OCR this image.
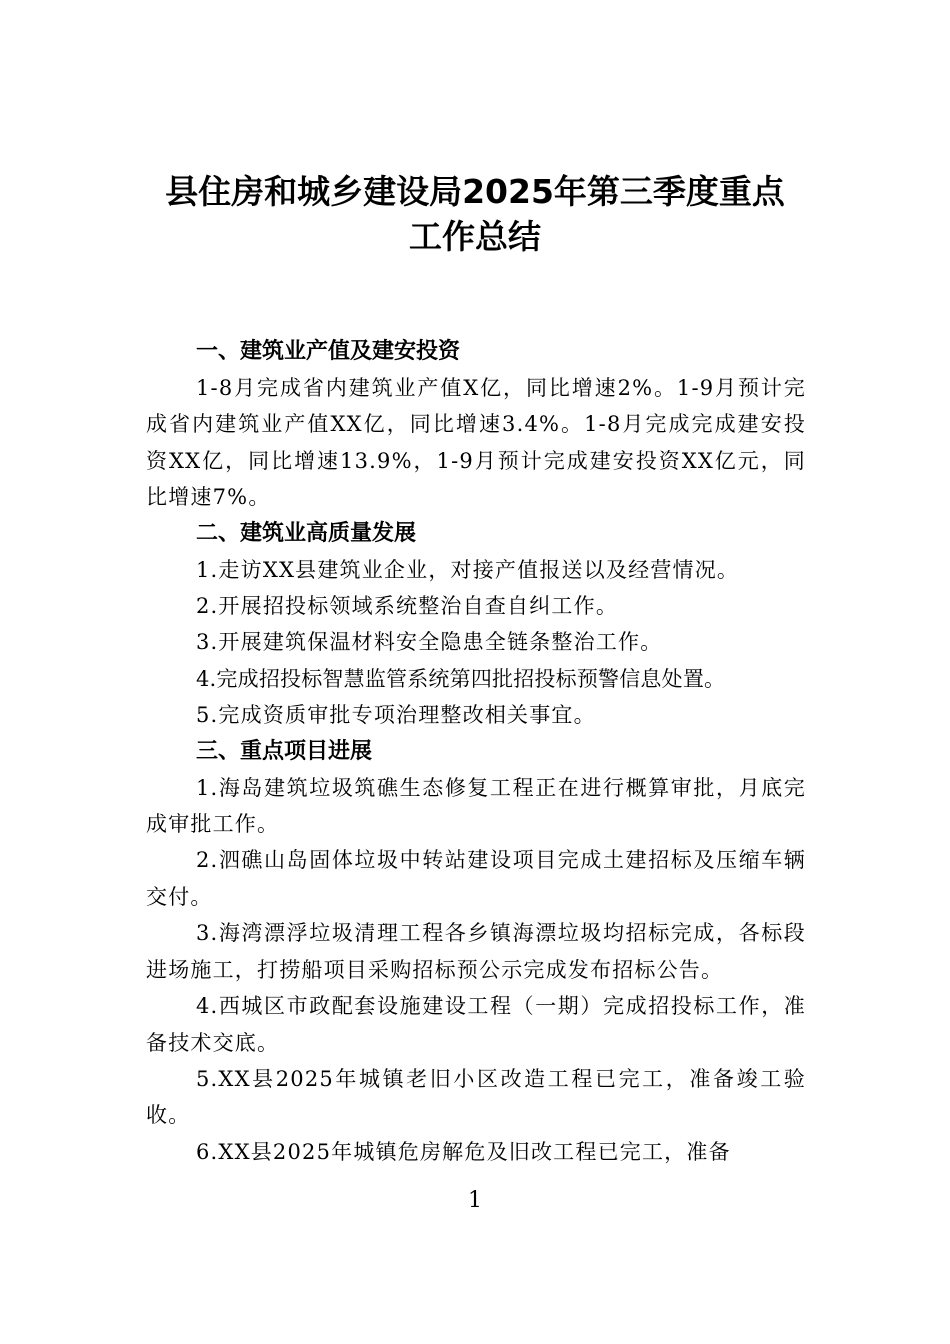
县住房和城乡建设局2025年第三季度重点
工作总结
一、建筑业产值及建安投资
1-8月完成省内建筑业产值X亿，同比增速2%。1-9月预计完成省内建筑业产值XX亿，同比增速3.4%。1-8月完成完成建安投资XX亿，同比增速13.9%，1-9月预计完成建安投资XX亿元，同比增速7%。
二、建筑业高质量发展
1.走访XX县建筑业企业，对接产值报送以及经营情况。
2.开展招投标领域系统整治自查自纠工作。
3.开展建筑保温材料安全隐患全链条整治工作。
4.完成招投标智慧监管系统第四批招投标预警信息处置。
5.完成资质审批专项治理整改相关事宜。
三、重点项目进展
1.海岛建筑垃圾筑礁生态修复工程正在进行概算审批，月底完成审批工作。
2.泗礁山岛固体垃圾中转站建设项目完成土建招标及压缩车辆交付。
3.海湾漂浮垃圾清理工程各乡镇海漂垃圾均招标完成，各标段进场施工，打捞船项目采购招标预公示完成发布招标公告。
4.西城区市政配套设施建设工程（一期）完成招投标工作，准备技术交底。
5.XX县2025年城镇老旧小区改造工程已完工，准备竣工验收。
6.XX县2025年城镇危房解危及旧改工程已完工，准备
1
